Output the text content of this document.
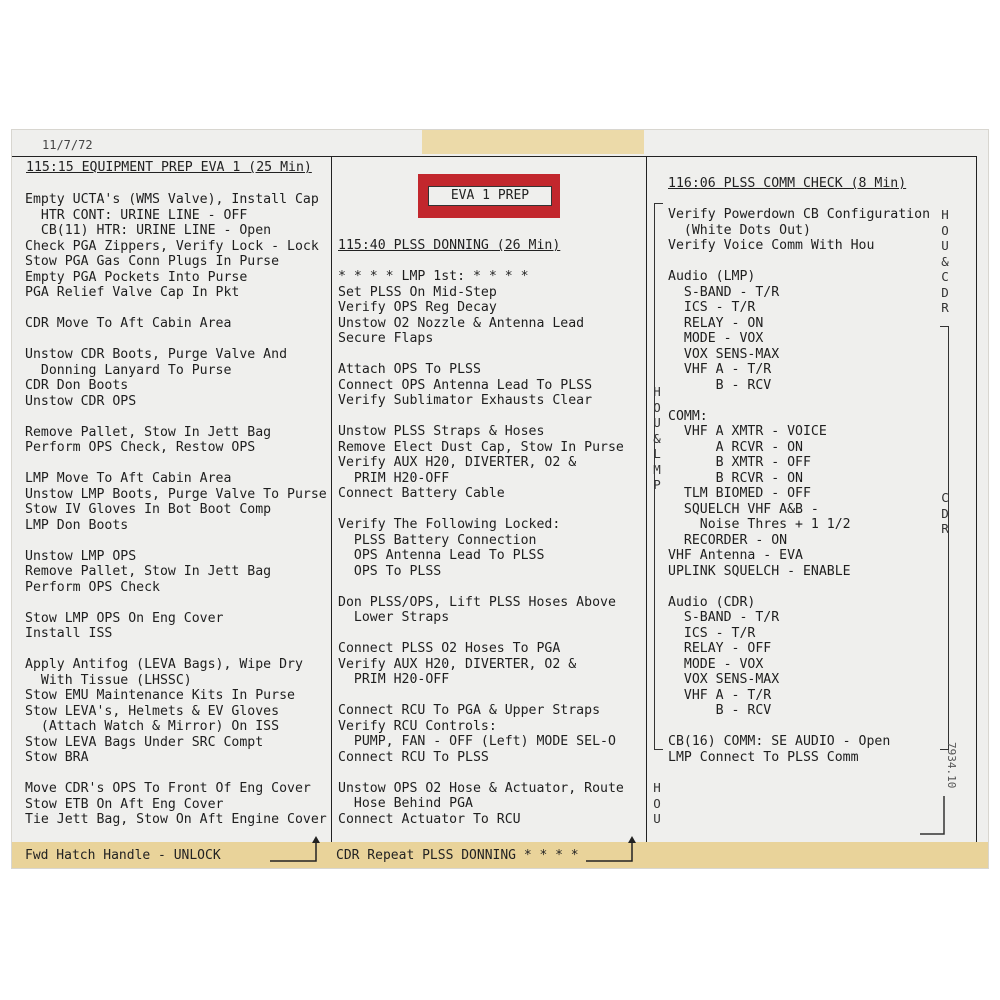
11/7/72
115:15 EQUIPMENT PREP EVA 1 (25 Min)
Empty UCTA's (WMS Valve), Install Cap
HTR CONT: URINE LINE - OFF
CB(11) HTR: URINE LINE - Open
Check PGA Zippers, Verify Lock - Lock
Stow PGA Gas Conn Plugs In Purse
Empty PGA Pockets Into Purse
PGA Relief Valve Cap In Pkt
CDR Move To Aft Cabin Area
Unstow CDR Boots, Purge Valve And
Donning Lanyard To Purse
CDR Don Boots
Unstow CDR OPS
Remove Pallet, Stow In Jett Bag
Perform OPS Check, Restow OPS
LMP Move To Aft Cabin Area
Unstow LMP Boots, Purge Valve To Purse
Stow IV Gloves In Bot Boot Comp
LMP Don Boots
Unstow LMP OPS
Remove Pallet, Stow In Jett Bag
Perform OPS Check
Stow LMP OPS On Eng Cover
Install ISS
Apply Antifog (LEVA Bags), Wipe Dry
With Tissue (LHSSC)
Stow EMU Maintenance Kits In Purse
Stow LEVA's, Helmets & EV Gloves
(Attach Watch & Mirror) On ISS
Stow LEVA Bags Under SRC Compt
Stow BRA
Move CDR's OPS To Front Of Eng Cover
Stow ETB On Aft Eng Cover
Tie Jett Bag, Stow On Aft Engine Cover
Fwd Hatch Handle - UNLOCK
EVA 1 PREP
115:40 PLSS DONNING (26 Min)
* * * * LMP 1st: * * * *
Set PLSS On Mid-Step
Verify OPS Reg Decay
Unstow O2 Nozzle & Antenna Lead
Secure Flaps
Attach OPS To PLSS
Connect OPS Antenna Lead To PLSS
Verify Sublimator Exhausts Clear
Unstow PLSS Straps & Hoses
Remove Elect Dust Cap, Stow In Purse
Verify AUX H20, DIVERTER, O2 &
PRIM H20-OFF
Connect Battery Cable
Verify The Following Locked:
PLSS Battery Connection
OPS Antenna Lead To PLSS
OPS To PLSS
Don PLSS/OPS, Lift PLSS Hoses Above
Lower Straps
Connect PLSS O2 Hoses To PGA
Verify AUX H20, DIVERTER, O2 &
PRIM H20-OFF
Connect RCU To PGA & Upper Straps
Verify RCU Controls:
PUMP, FAN - OFF (Left) MODE SEL-O
Connect RCU To PLSS
Unstow OPS O2 Hose & Actuator, Route
Hose Behind PGA
Connect Actuator To RCU
CDR Repeat PLSS DONNING * * * *
H
O
U
&
L
M
P
H
O
U
116:06 PLSS COMM CHECK (8 Min)
Verify Powerdown CB Configuration
(White Dots Out)
Verify Voice Comm With Hou
Audio (LMP)
S-BAND - T/R
ICS - T/R
RELAY - ON
MODE - VOX
VOX SENS-MAX
VHF A - T/R
B - RCV
COMM:
VHF A XMTR - VOICE
A RCVR - ON
B XMTR - OFF
B RCVR - ON
TLM BIOMED - OFF
SQUELCH VHF A&B -
Noise Thres + 1 1/2
RECORDER - ON
VHF Antenna - EVA
UPLINK SQUELCH - ENABLE
Audio (CDR)
S-BAND - T/R
ICS - T/R
RELAY - OFF
MODE - VOX
VOX SENS-MAX
VHF A - T/R
B - RCV
CB(16) COMM: SE AUDIO - Open
LMP Connect To PLSS Comm
H
O
U
&
C
D
R
C
D
R
7934.10
